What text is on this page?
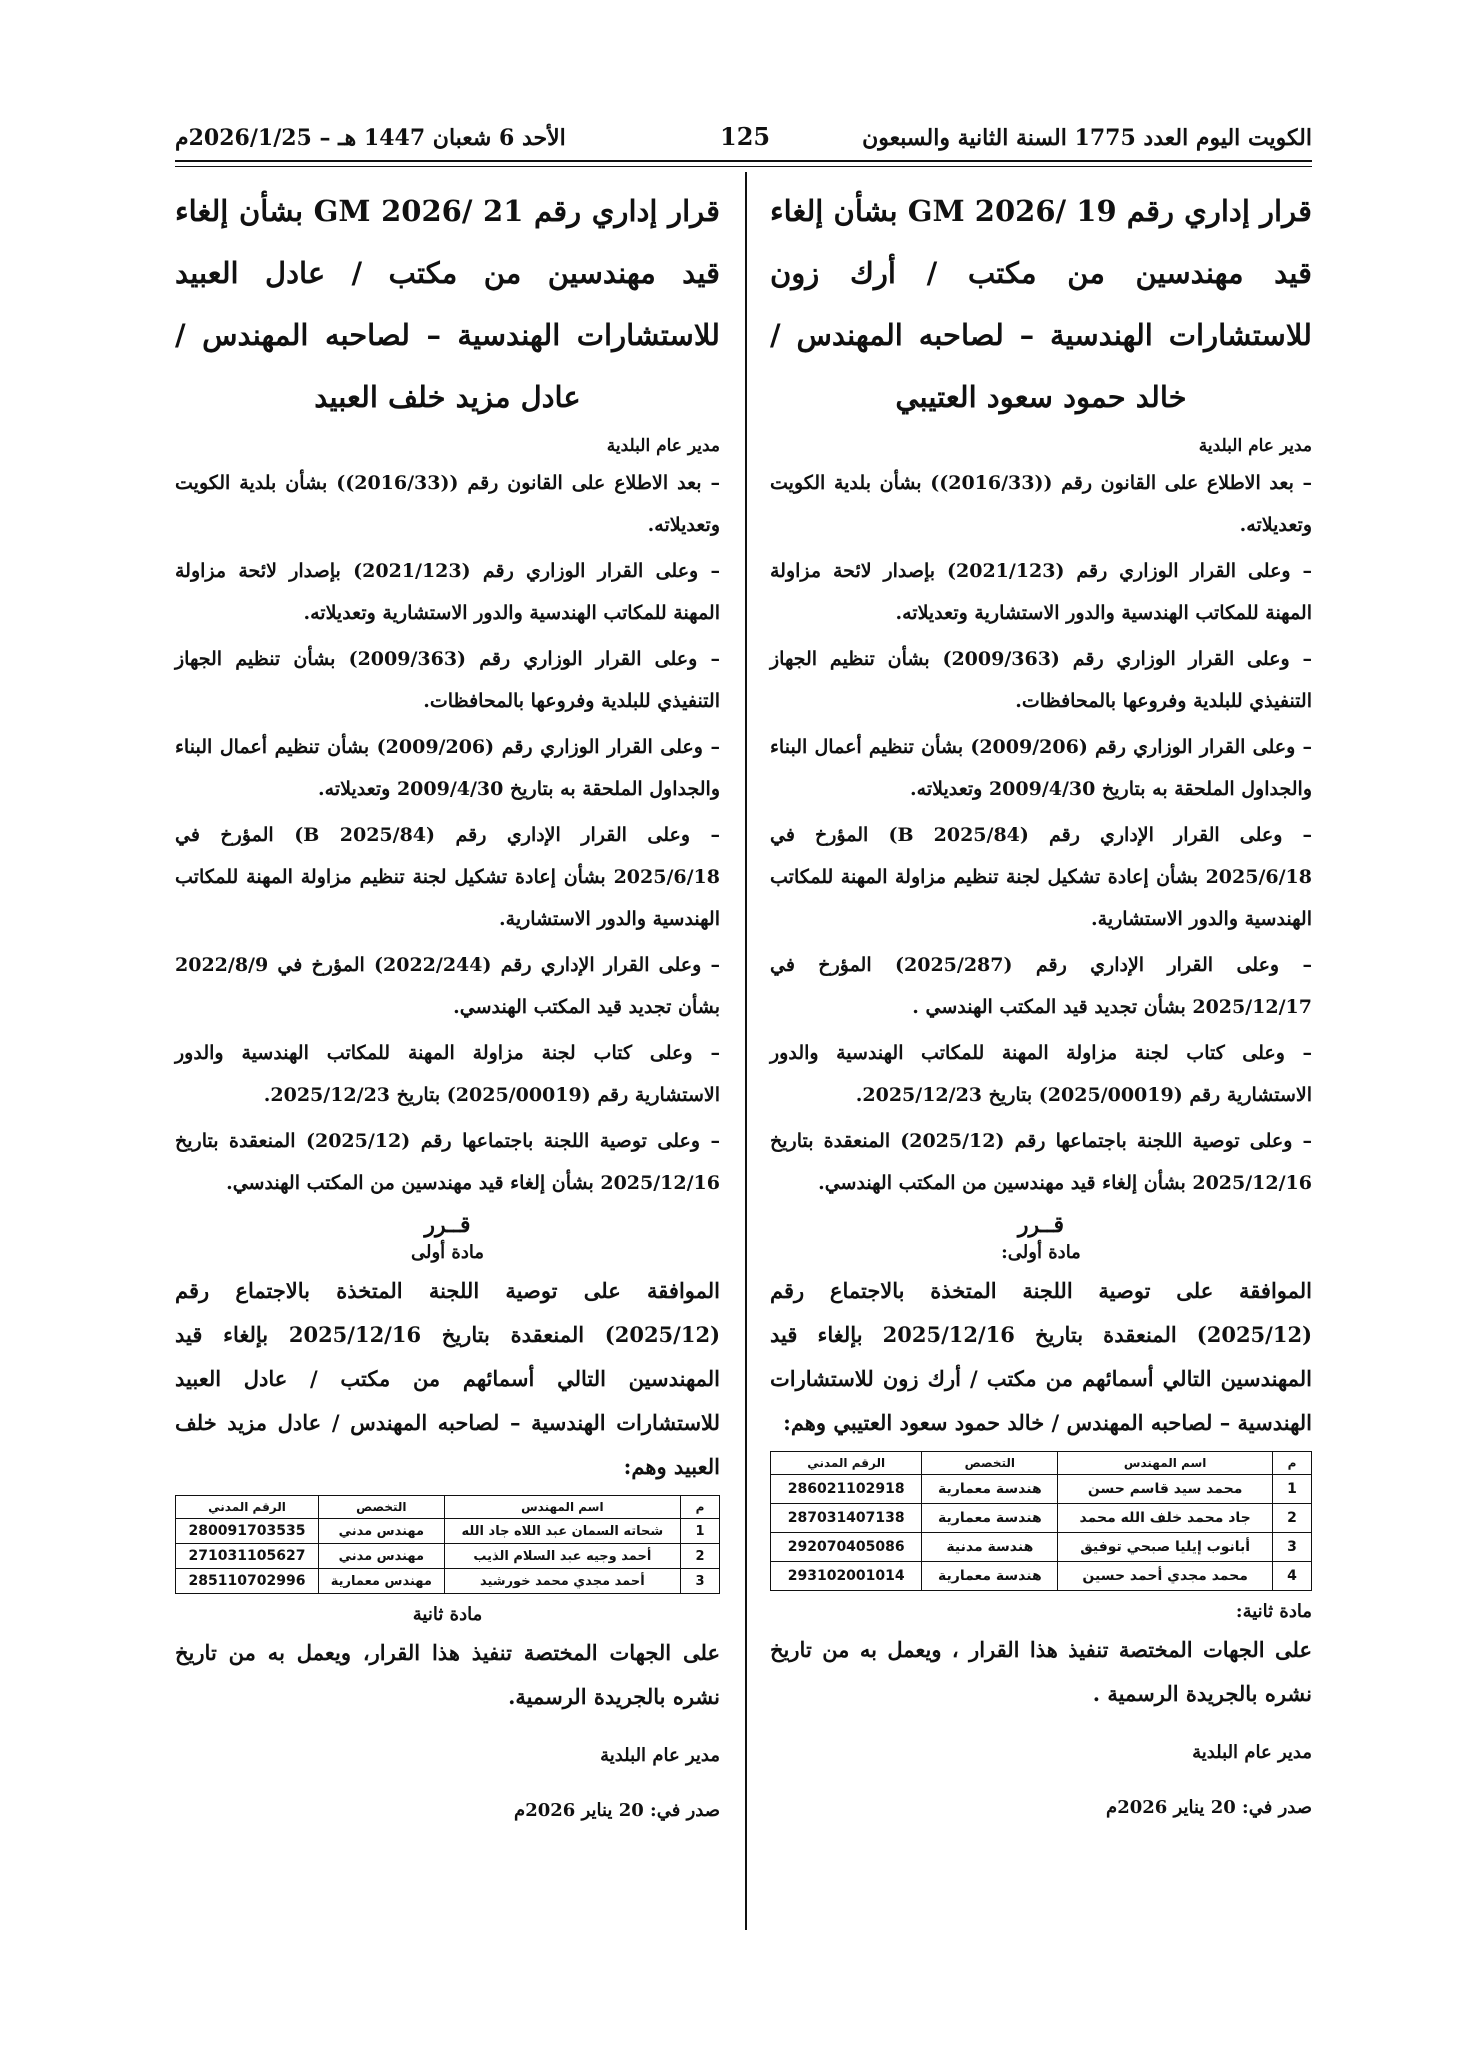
الكويت اليوم العدد 1775 السنة الثانية والسبعون
125
الأحد 6 شعبان 1447 هـ – 2026/1/25م
قرار إداري رقم 19 /GM 2026 بشأن إلغاء قيد مهندسين من مكتب / أرك زون للاستشارات الهندسية – لصاحبه المهندس / خالد حمود سعود العتيبي
مدير عام البلدية
– بعد الاطلاع على القانون رقم ((2016/33)) بشأن بلدية الكويت وتعديلاته.
– وعلى القرار الوزاري رقم (2021/123) بإصدار لائحة مزاولة المهنة للمكاتب الهندسية والدور الاستشارية وتعديلاته.
– وعلى القرار الوزاري رقم (2009/363) بشأن تنظيم الجهاز التنفيذي للبلدية وفروعها بالمحافظات.
– وعلى القرار الوزاري رقم (2009/206) بشأن تنظيم أعمال البناء والجداول الملحقة به بتاريخ 2009/4/30 وتعديلاته.
– وعلى القرار الإداري رقم (B 2025/84) المؤرخ في 2025/6/18 بشأن إعادة تشكيل لجنة تنظيم مزاولة المهنة للمكاتب الهندسية والدور الاستشارية.
– وعلى القرار الإداري رقم (2025/287) المؤرخ في 2025/12/17 بشأن تجديد قيد المكتب الهندسي .
– وعلى كتاب لجنة مزاولة المهنة للمكاتب الهندسية والدور الاستشارية رقم (2025/00019) بتاريخ 2025/12/23.
– وعلى توصية اللجنة باجتماعها رقم (2025/12) المنعقدة بتاريخ 2025/12/16 بشأن إلغاء قيد مهندسين من المكتب الهندسي.
قــرر
مادة أولى:
الموافقة على توصية اللجنة المتخذة بالاجتماع رقم (2025/12) المنعقدة بتاريخ 2025/12/16 بإلغاء قيد المهندسين التالي أسمائهم من مكتب / أرك زون للاستشارات الهندسية – لصاحبه المهندس / خالد حمود سعود العتيبي وهم:
م	اسم المهندس	التخصص	الرقم المدني
1	محمد سيد قاسم حسن	هندسة معمارية	286021102918
2	جاد محمد خلف الله محمد	هندسة معمارية	287031407138
3	أبانوب إيليا صبحي توفيق	هندسة مدنية	292070405086
4	محمد مجدي أحمد حسين	هندسة معمارية	293102001014
مادة ثانية:
على الجهات المختصة تنفيذ هذا القرار ، ويعمل به من تاريخ نشره بالجريدة الرسمية .
مدير عام البلدية
صدر في: 20 يناير 2026م
قرار إداري رقم 21 /GM 2026 بشأن إلغاء قيد مهندسين من مكتب / عادل العبيد للاستشارات الهندسية – لصاحبه المهندس / عادل مزيد خلف العبيد
مدير عام البلدية
– بعد الاطلاع على القانون رقم ((2016/33)) بشأن بلدية الكويت وتعديلاته.
– وعلى القرار الوزاري رقم (2021/123) بإصدار لائحة مزاولة المهنة للمكاتب الهندسية والدور الاستشارية وتعديلاته.
– وعلى القرار الوزاري رقم (2009/363) بشأن تنظيم الجهاز التنفيذي للبلدية وفروعها بالمحافظات.
– وعلى القرار الوزاري رقم (2009/206) بشأن تنظيم أعمال البناء والجداول الملحقة به بتاريخ 2009/4/30 وتعديلاته.
– وعلى القرار الإداري رقم (2025/84 B) المؤرخ في 2025/6/18 بشأن إعادة تشكيل لجنة تنظيم مزاولة المهنة للمكاتب الهندسية والدور الاستشارية.
– وعلى القرار الإداري رقم (2022/244) المؤرخ في 2022/8/9 بشأن تجديد قيد المكتب الهندسي.
– وعلى كتاب لجنة مزاولة المهنة للمكاتب الهندسية والدور الاستشارية رقم (2025/00019) بتاريخ 2025/12/23.
– وعلى توصية اللجنة باجتماعها رقم (2025/12) المنعقدة بتاريخ 2025/12/16 بشأن إلغاء قيد مهندسين من المكتب الهندسي.
قــرر
مادة أولى
الموافقة على توصية اللجنة المتخذة بالاجتماع رقم (2025/12) المنعقدة بتاريخ 2025/12/16 بإلغاء قيد المهندسين التالي أسمائهم من مكتب / عادل العبيد للاستشارات الهندسية – لصاحبه المهندس / عادل مزيد خلف العبيد وهم:
م	اسم المهندس	التخصص	الرقم المدني
1	شحاته السمان عبد اللاه جاد الله	مهندس مدني	280091703535
2	أحمد وجيه عبد السلام الذيب	مهندس مدني	271031105627
3	أحمد مجدي محمد خورشيد	مهندس معمارية	285110702996
مادة ثانية
على الجهات المختصة تنفيذ هذا القرار، ويعمل به من تاريخ نشره بالجريدة الرسمية.
مدير عام البلدية
صدر في: 20 يناير 2026م
